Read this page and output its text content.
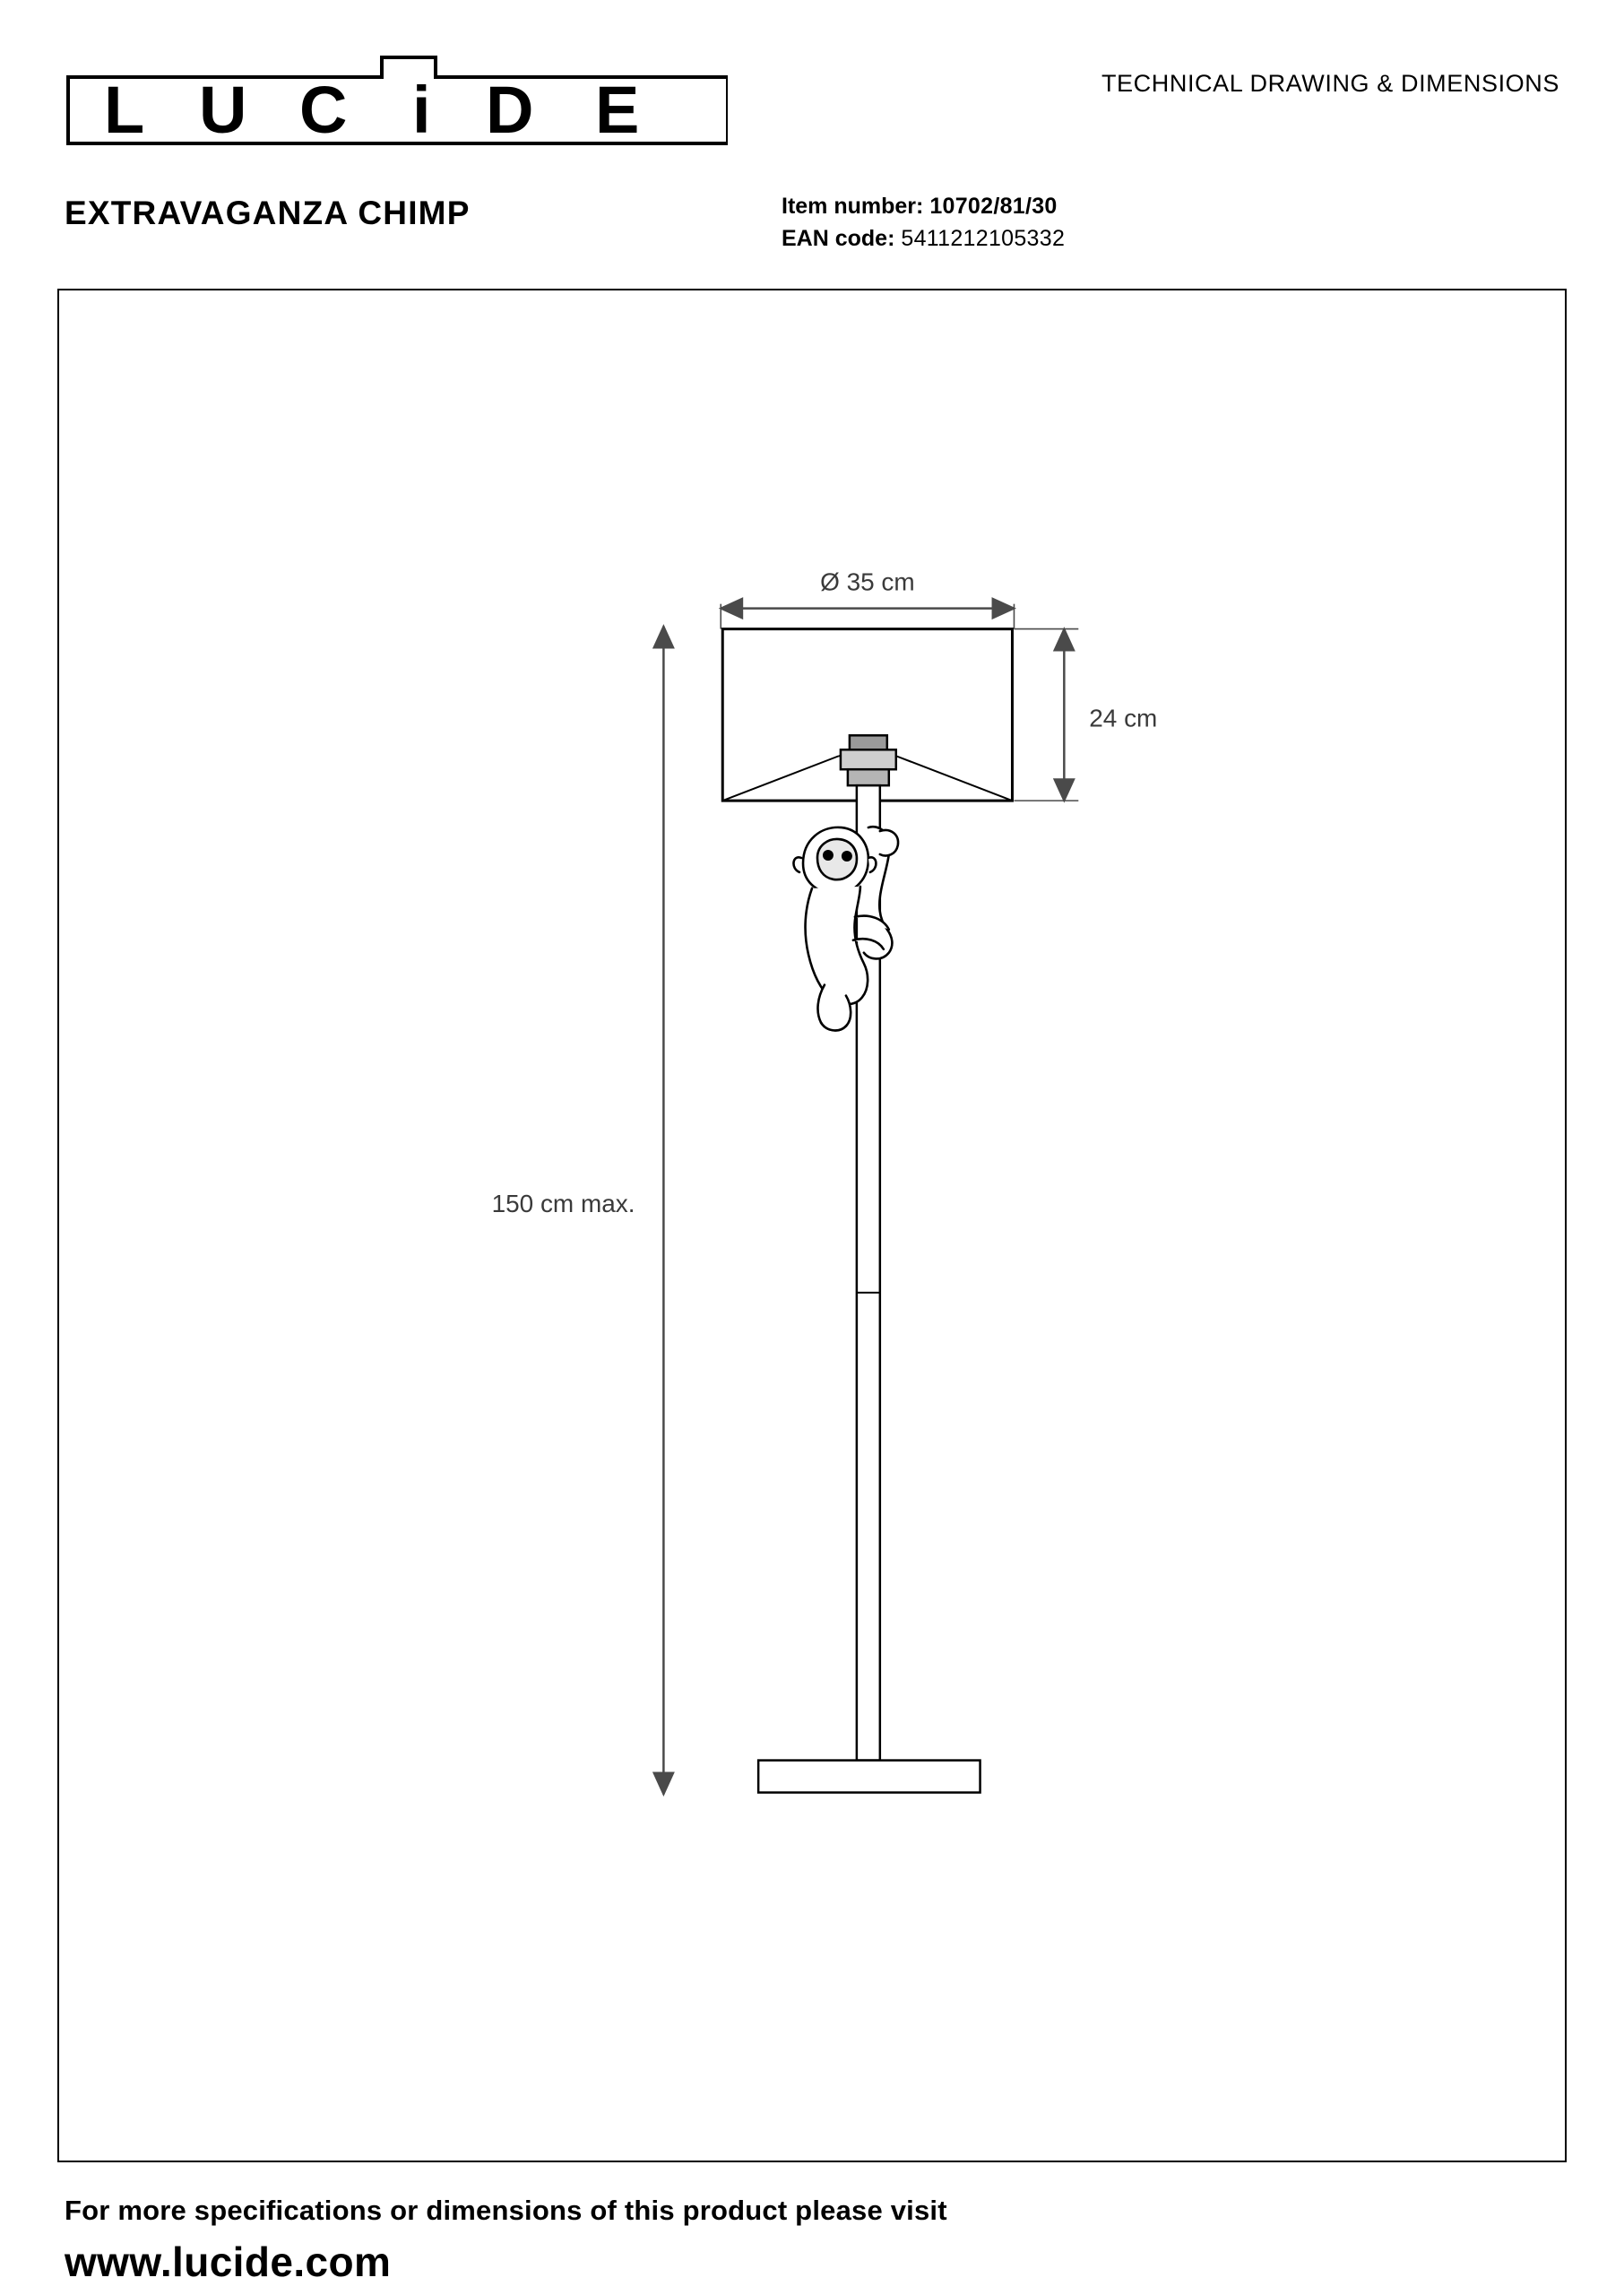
L U C i D E	TECHNICAL DRAWING & DIMENSIONS
EXTRAVAGANZA CHIMP	Item number: 10702/81/30
EAN code: 5411212105332
Ø 35 cm
24 cm
150 cm max.
For more specifications or dimensions of this product please visit
www.lucide.com
